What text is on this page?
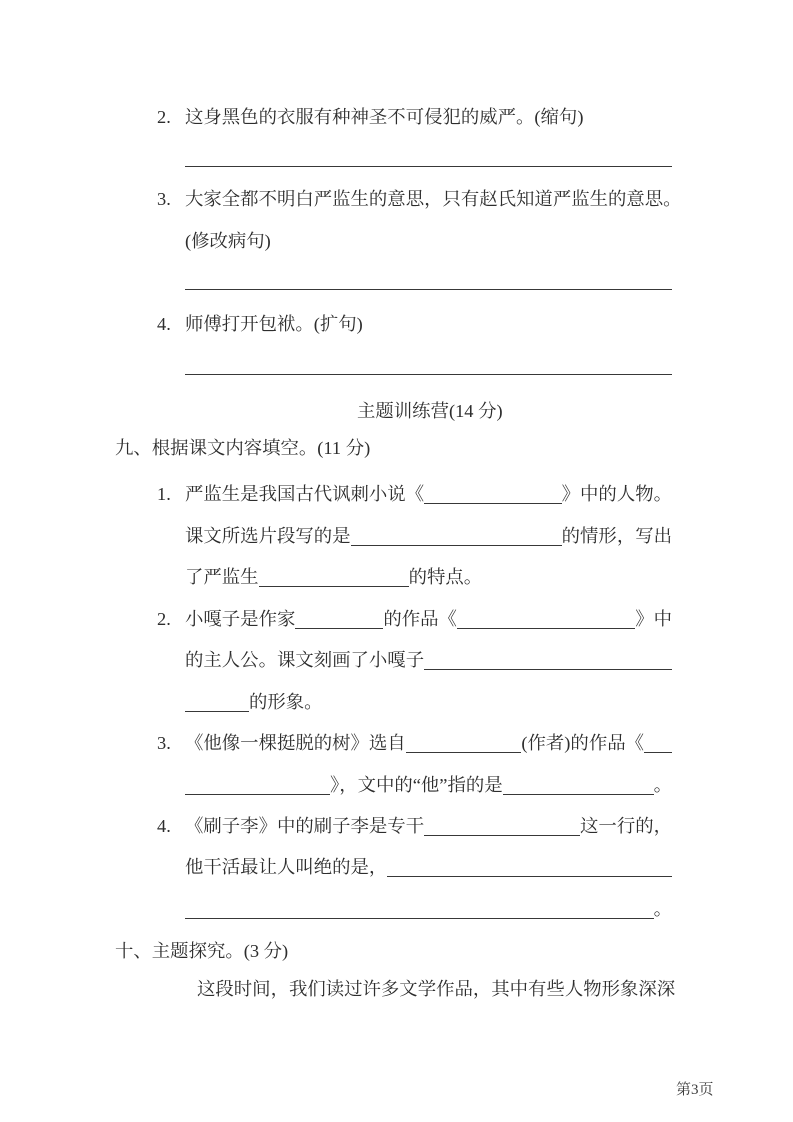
第3页
2. 这身黑色的衣服有种神圣不可侵犯的威严。(缩句)
3. 大家全都不明白严监生的意思，只有赵氏知道严监生的意思。
(修改病句)
4. 师傅打开包袱。(扩句)
主题训练营(14 分)
九、根据课文内容填空。(11 分)
1. 严监生是我国古代讽刺小说《	》中的人物。
课文所选片段写的是	的情形，写出
了严监生	的特点。
2. 小嘎子是作家	的作品《	》中
的主人公。课文刻画了小嘎子
的形象。
3. 《他像一棵挺脱的树》选自	(作者)的作品《
》，文中的“他”指的是	。
4. 《刷子李》中的刷子李是专干	这一行的，
他干活最让人叫绝的是，
。
十、主题探究。(3 分)
这段时间，我们读过许多文学作品，其中有些人物形象深深
